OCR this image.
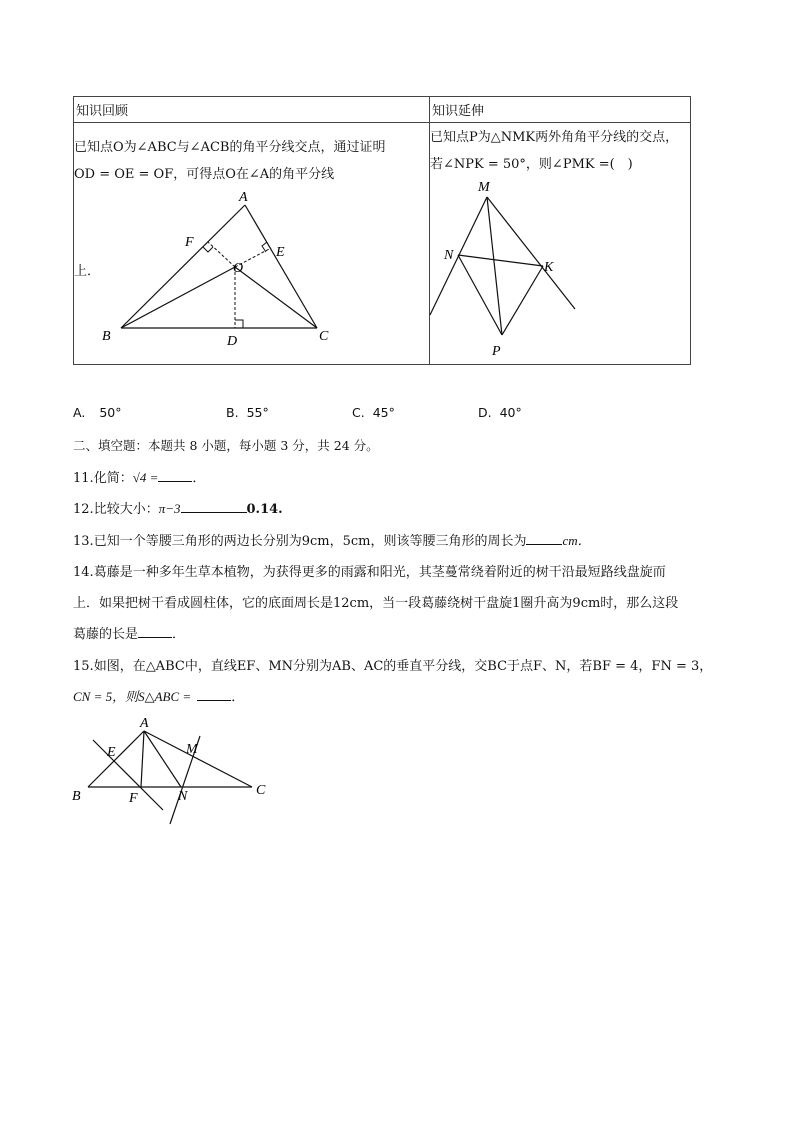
知识回顾	知识延伸

已知点O为∠ABC与∠ACB的角平分线交点，通过证明
OD = OE = OF，可得点O在∠A的角平分线
上．
已知点P为△NMK两外角角平分线的交点，
若∠NPK = 50°，则∠PMK =(　)
A
B	C
D
E
F
O
M
N
K
P
A. 50°	B. 55°	C. 45°	D. 40°
二、填空题：本题共 8 小题，每小题 3 分，共 24 分。
11.化简：√4 =	．
12.比较大小：π−3	0.14.
13.已知一个等腰三角形的两边长分别为9cm，5cm，则该等腰三角形的周长为	cm．
14.葛藤是一种多年生草本植物，为获得更多的雨露和阳光，其茎蔓常绕着附近的树干沿最短路线盘旋而
上．如果把树干看成圆柱体，它的底面周长是12cm，当一段葛藤绕树干盘旋1圈升高为9cm时，那么这段
葛藤的长是	．
15.如图，在△ABC中，直线EF、MN分别为AB、AC的垂直平分线，交BC于点F、N，若BF = 4，FN = 3，
CN = 5，则S△ABC =	．
A
B	C
E
F
M
N
